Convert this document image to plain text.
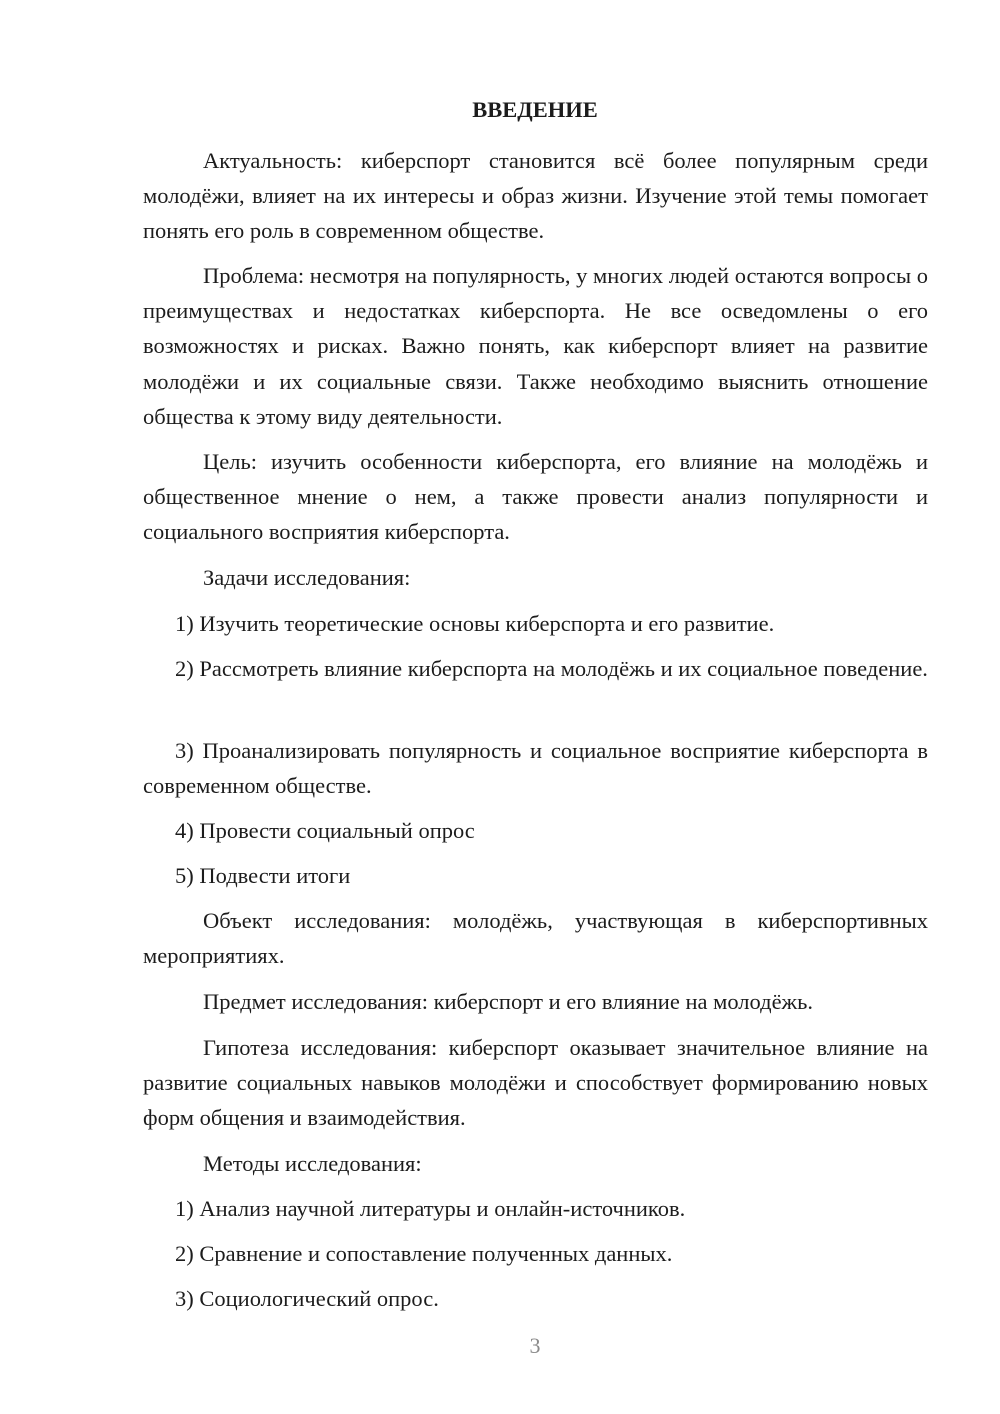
ВВЕДЕНИЕ

Актуальность: киберспорт становится всё более популярным среди молодёжи, влияет на их интересы и образ жизни. Изучение этой темы помогает понять его роль в современном обществе.

Проблема: несмотря на популярность, у многих людей остаются вопросы о преимуществах и недостатках киберспорта. Не все осведомлены о его возможностях и рисках. Важно понять, как киберспорт влияет на развитие молодёжи и их социальные связи. Также необходимо выяснить отношение общества к этому виду деятельности.

Цель: изучить особенности киберспорта, его влияние на молодёжь и общественное мнение о нем, а также провести анализ популярности и социального восприятия киберспорта.

Задачи исследования:

1) Изучить теоретические основы киберспорта и его развитие.

2) Рассмотреть влияние киберспорта на молодёжь и их социальное поведение.

3) Проанализировать популярность и социальное восприятие киберспорта в современном обществе.

4) Провести социальный опрос

5) Подвести итоги

Объект исследования: молодёжь, участвующая в киберспортивных мероприятиях.

Предмет исследования: киберспорт и его влияние на молодёжь.

Гипотеза исследования: киберспорт оказывает значительное влияние на развитие социальных навыков молодёжи и способствует формированию новых форм общения и взаимодействия.

Методы исследования:

1) Анализ научной литературы и онлайн-источников.

2) Сравнение и сопоставление полученных данных.

3) Социологический опрос.

3
